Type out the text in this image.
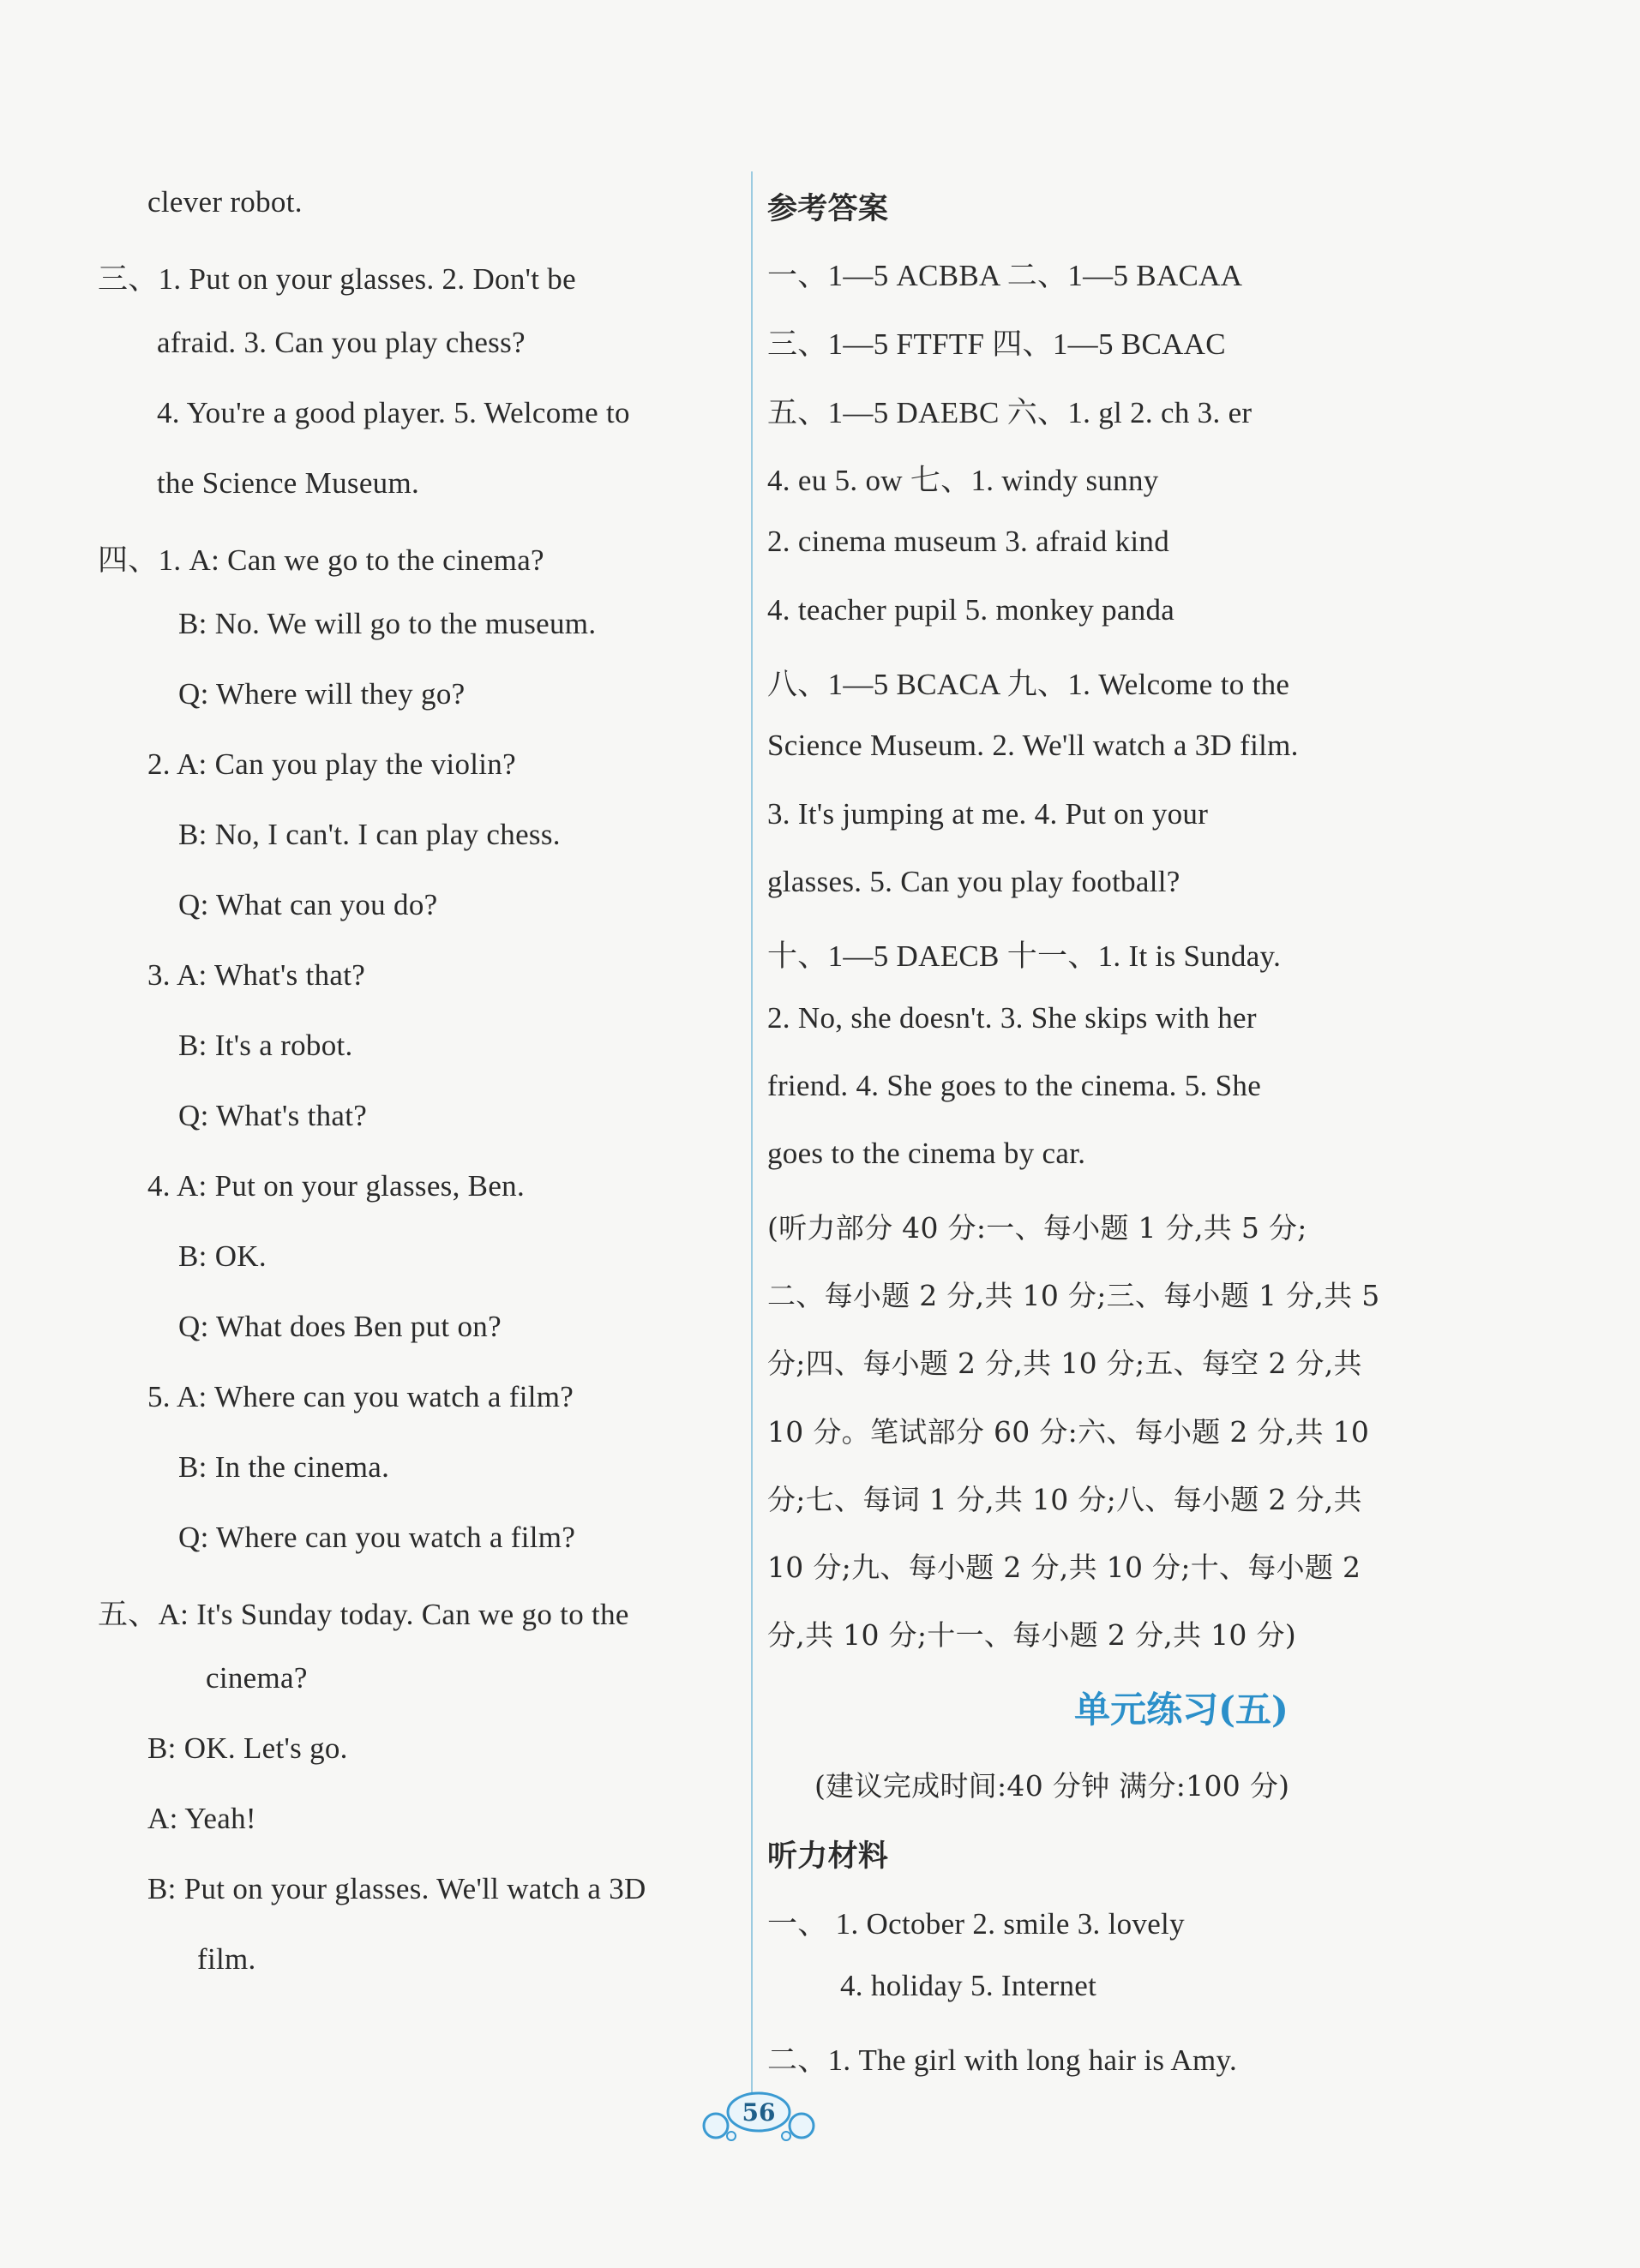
clever robot.
三、1. Put on your glasses. 2. Don't be
afraid. 3. Can you play chess?
4. You're a good player. 5. Welcome to
the Science Museum.
四、1. A: Can we go to the cinema?
B: No. We will go to the museum.
Q: Where will they go?
2. A: Can you play the violin?
B: No, I can't. I can play chess.
Q: What can you do?
3. A: What's that?
B: It's a robot.
Q: What's that?
4. A: Put on your glasses, Ben.
B: OK.
Q: What does Ben put on?
5. A: Where can you watch a film?
B: In the cinema.
Q: Where can you watch a film?
五、A: It's Sunday today. Can we go to the
cinema?
B: OK. Let's go.
A: Yeah!
B: Put on your glasses. We'll watch a 3D
film.
参考答案
一、1—5 ACBBA 二、1—5 BACAA
三、1—5 FTFTF 四、1—5 BCAAC
五、1—5 DAEBC 六、1. gl 2. ch 3. er
4. eu 5. ow 七、1. windy sunny
2. cinema museum 3. afraid kind
4. teacher pupil 5. monkey panda
八、1—5 BCACA 九、1. Welcome to the
Science Museum. 2. We'll watch a 3D film.
3. It's jumping at me. 4. Put on your
glasses. 5. Can you play football?
十、1—5 DAECB 十一、1. It is Sunday.
2. No, she doesn't. 3. She skips with her
friend. 4. She goes to the cinema. 5. She
goes to the cinema by car.
(听力部分 40 分:一、每小题 1 分,共 5 分;
二、每小题 2 分,共 10 分;三、每小题 1 分,共 5
分;四、每小题 2 分,共 10 分;五、每空 2 分,共
10 分。笔试部分 60 分:六、每小题 2 分,共 10
分;七、每词 1 分,共 10 分;八、每小题 2 分,共
10 分;九、每小题 2 分,共 10 分;十、每小题 2
分,共 10 分;十一、每小题 2 分,共 10 分)
单元练习(五)
(建议完成时间:40 分钟 满分:100 分)
听力材料
一、 1. October 2. smile 3. lovely
4. holiday 5. Internet
二、1. The girl with long hair is Amy.
56
